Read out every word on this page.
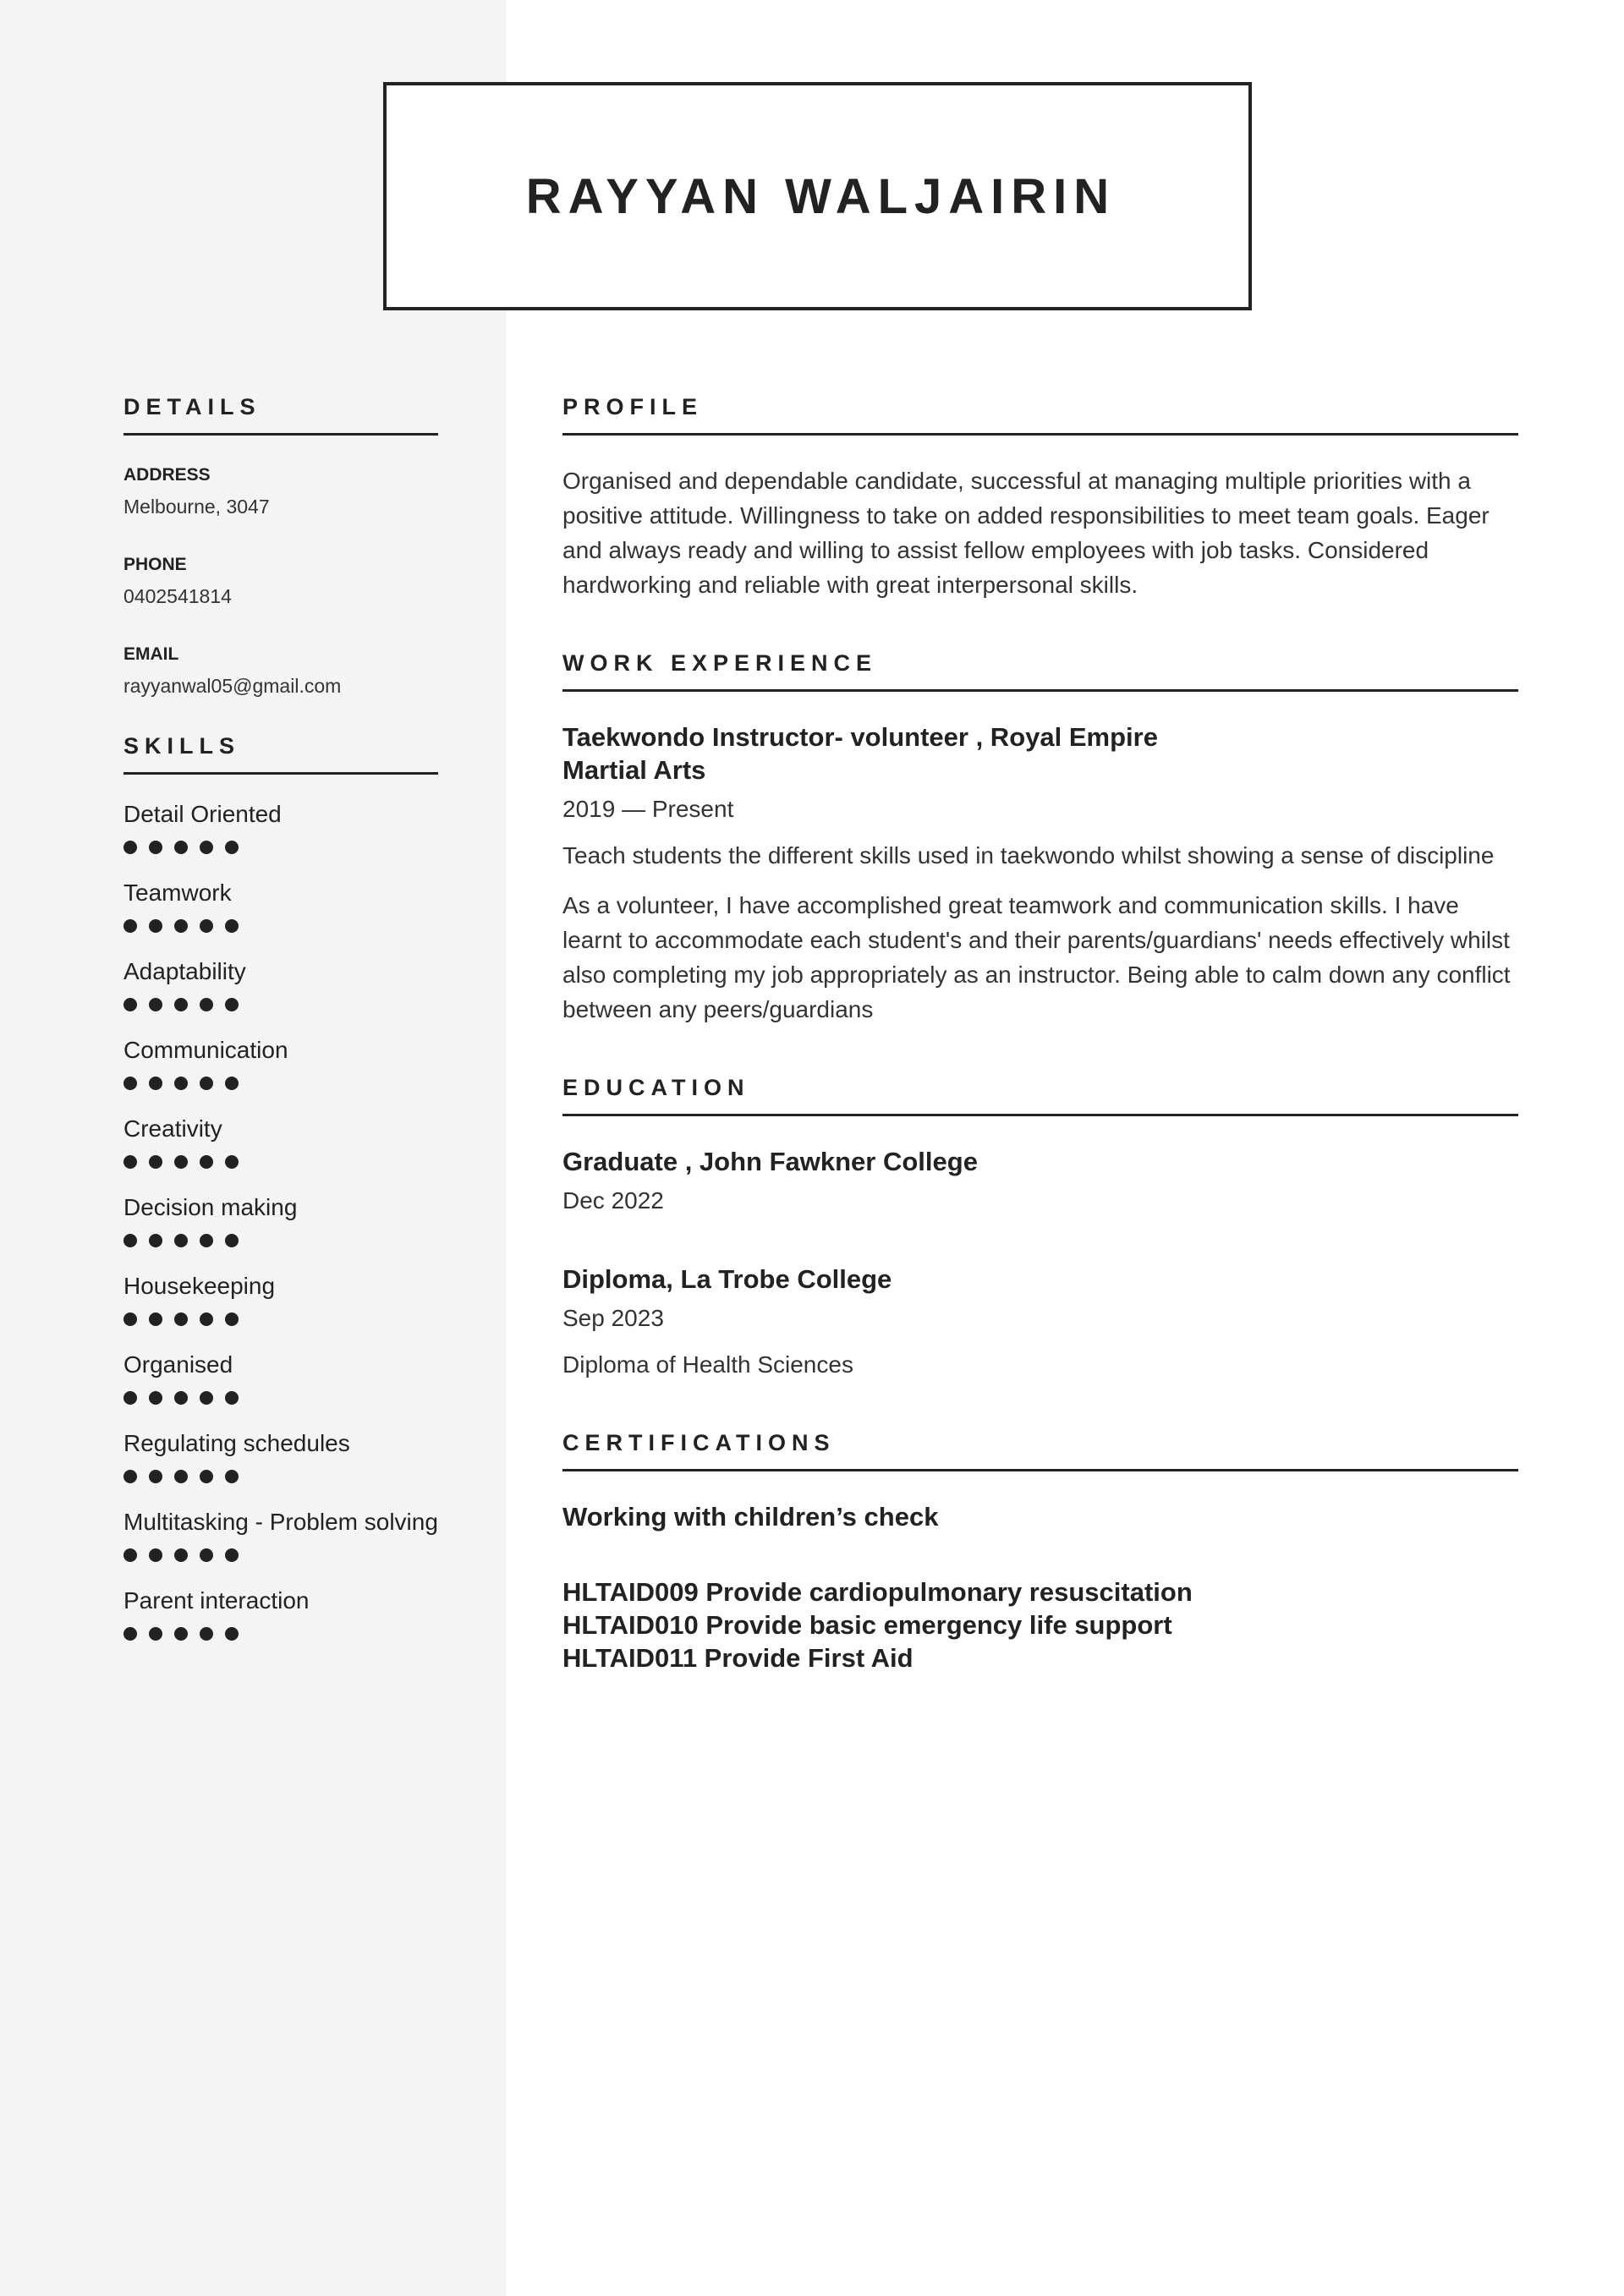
RAYYAN WALJAIRIN
DETAILS
ADDRESS
Melbourne, 3047
PHONE
0402541814
EMAIL
rayyanwal05@gmail.com
SKILLS
Detail Oriented
Teamwork
Adaptability
Communication
Creativity
Decision making
Housekeeping
Organised
Regulating schedules
Multitasking - Problem solving
Parent interaction
PROFILE

Organised and dependable candidate, successful at managing multiple priorities with a positive attitude. Willingness to take on added responsibilities to meet team goals. Eager and always ready and willing to assist fellow employees with job tasks. Considered hardworking and reliable with great interpersonal skills.

WORK EXPERIENCE
Taekwondo Instructor- volunteer , Royal Empire Martial Arts
2019 — Present

Teach students the different skills used in taekwondo whilst showing a sense of discipline

As a volunteer, I have accomplished great teamwork and communication skills. I have learnt to accommodate each student's and their parents/guardians' needs effectively whilst also completing my job appropriately as an instructor. Being able to calm down any conflict between any peers/guardians

EDUCATION
Graduate , John Fawkner College
Dec 2022
Diploma, La Trobe College
Sep 2023

Diploma of Health Sciences

CERTIFICATIONS
Working with children’s check
HLTAID009 Provide cardiopulmonary resuscitation
HLTAID010 Provide basic emergency life support
HLTAID011 Provide First Aid
